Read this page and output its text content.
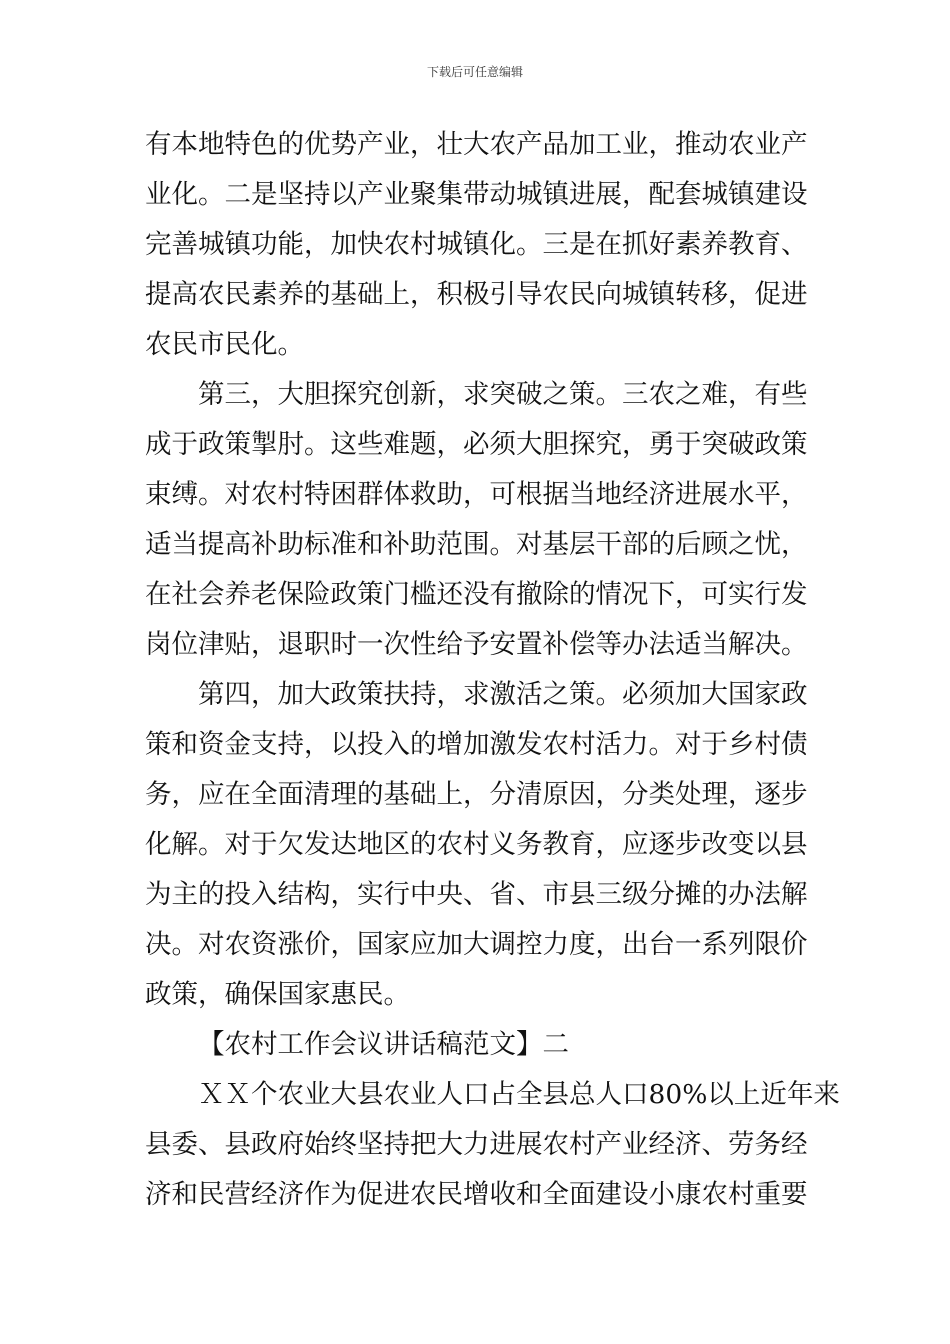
下载后可任意编辑
有本地特色的优势产业，壮大农产品加工业，推动农业产
业化。二是坚持以产业聚集带动城镇进展，配套城镇建设
完善城镇功能，加快农村城镇化。三是在抓好素养教育、
提高农民素养的基础上，积极引导农民向城镇转移，促进
农民市民化。
第三，大胆探究创新，求突破之策。三农之难，有些
成于政策掣肘。这些难题，必须大胆探究，勇于突破政策
束缚。对农村特困群体救助，可根据当地经济进展水平，
适当提高补助标准和补助范围。对基层干部的后顾之忧，
在社会养老保险政策门槛还没有撤除的情况下，可实行发
岗位津贴，退职时一次性给予安置补偿等办法适当解决。
第四，加大政策扶持，求激活之策。必须加大国家政
策和资金支持，以投入的增加激发农村活力。对于乡村债
务，应在全面清理的基础上，分清原因，分类处理，逐步
化解。对于欠发达地区的农村义务教育，应逐步改变以县
为主的投入结构，实行中央、省、市县三级分摊的办法解
决。对农资涨价，国家应加大调控力度，出台一系列限价
政策，确保国家惠民。
【农村工作会议讲话稿范文】二
ＸＸ个农业大县农业人口占全县总人口80%以上近年来
县委、县政府始终坚持把大力进展农村产业经济、劳务经
济和民营经济作为促进农民增收和全面建设小康农村重要
